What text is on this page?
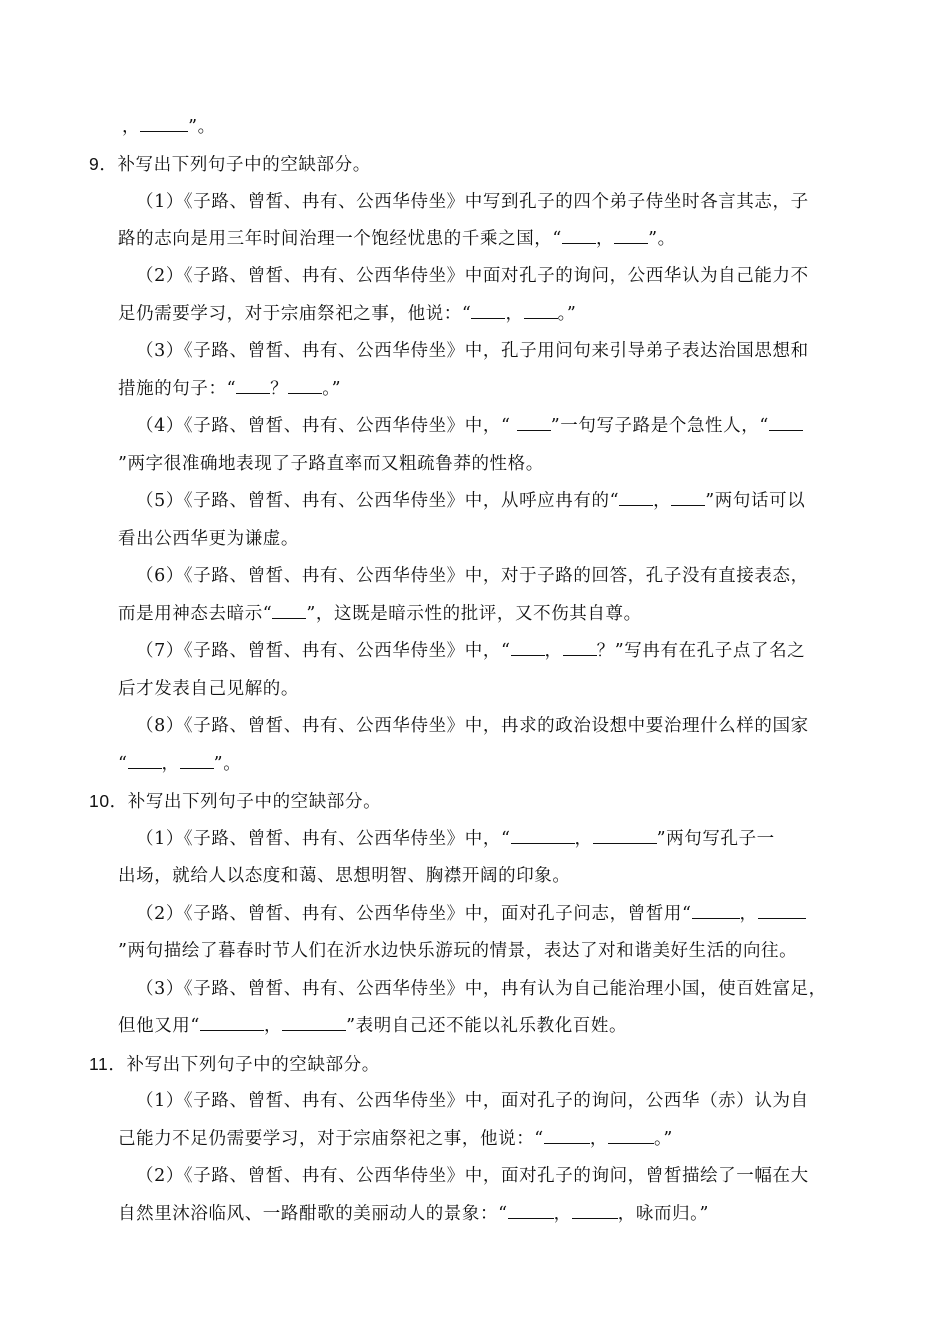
，	”。
9．补写出下列句子中的空缺部分。
（1）《子路、曾皙、冉有、公西华侍坐》中写到孔子的四个弟子侍坐时各言其志，子
路的志向是用三年时间治理一个饱经忧患的千乘之国，“ ， ”。
（2）《子路、曾皙、冉有、公西华侍坐》中面对孔子的询问，公西华认为自己能力不
足仍需要学习，对于宗庙祭祀之事，他说：“ ， 。”
（3）《子路、曾皙、冉有、公西华侍坐》中，孔子用问句来引导弟子表达治国思想和
措施的句子：“ ？ 。”
（4）《子路、曾皙、冉有、公西华侍坐》中，“ ”一句写子路是个急性人，“
”两字很准确地表现了子路直率而又粗疏鲁莽的性格。
（5）《子路、曾皙、冉有、公西华侍坐》中，从呼应冉有的“ ， ”两句话可以
看出公西华更为谦虚。
（6）《子路、曾皙、冉有、公西华侍坐》中，对于子路的回答，孔子没有直接表态，
而是用神态去暗示“ ”，这既是暗示性的批评，又不伤其自尊。
（7）《子路、曾皙、冉有、公西华侍坐》中，“ ， ？”写冉有在孔子点了名之
后才发表自己见解的。
（8）《子路、曾皙、冉有、公西华侍坐》中，冉求的政治设想中要治理什么样的国家
“ ， ”。
10．补写出下列句子中的空缺部分。
（1）《子路、曾皙、冉有、公西华侍坐》中，“	，	”两句写孔子一
出场，就给人以态度和蔼、思想明智、胸襟开阔的印象。
（2）《子路、曾皙、冉有、公西华侍坐》中，面对孔子问志，曾皙用“	，
”两句描绘了暮春时节人们在沂水边快乐游玩的情景，表达了对和谐美好生活的向往。
（3）《子路、曾皙、冉有、公西华侍坐》中，冉有认为自己能治理小国，使百姓富足，
但他又用“	，	”表明自己还不能以礼乐教化百姓。
11．补写出下列句子中的空缺部分。
（1）《子路、曾皙、冉有、公西华侍坐》中，面对孔子的询问，公西华（赤）认为自
己能力不足仍需要学习，对于宗庙祭祀之事，他说：“	，	。”
（2）《子路、曾皙、冉有、公西华侍坐》中，面对孔子的询问，曾皙描绘了一幅在大
自然里沐浴临风、一路酣歌的美丽动人的景象：“	，	，咏而归。”
